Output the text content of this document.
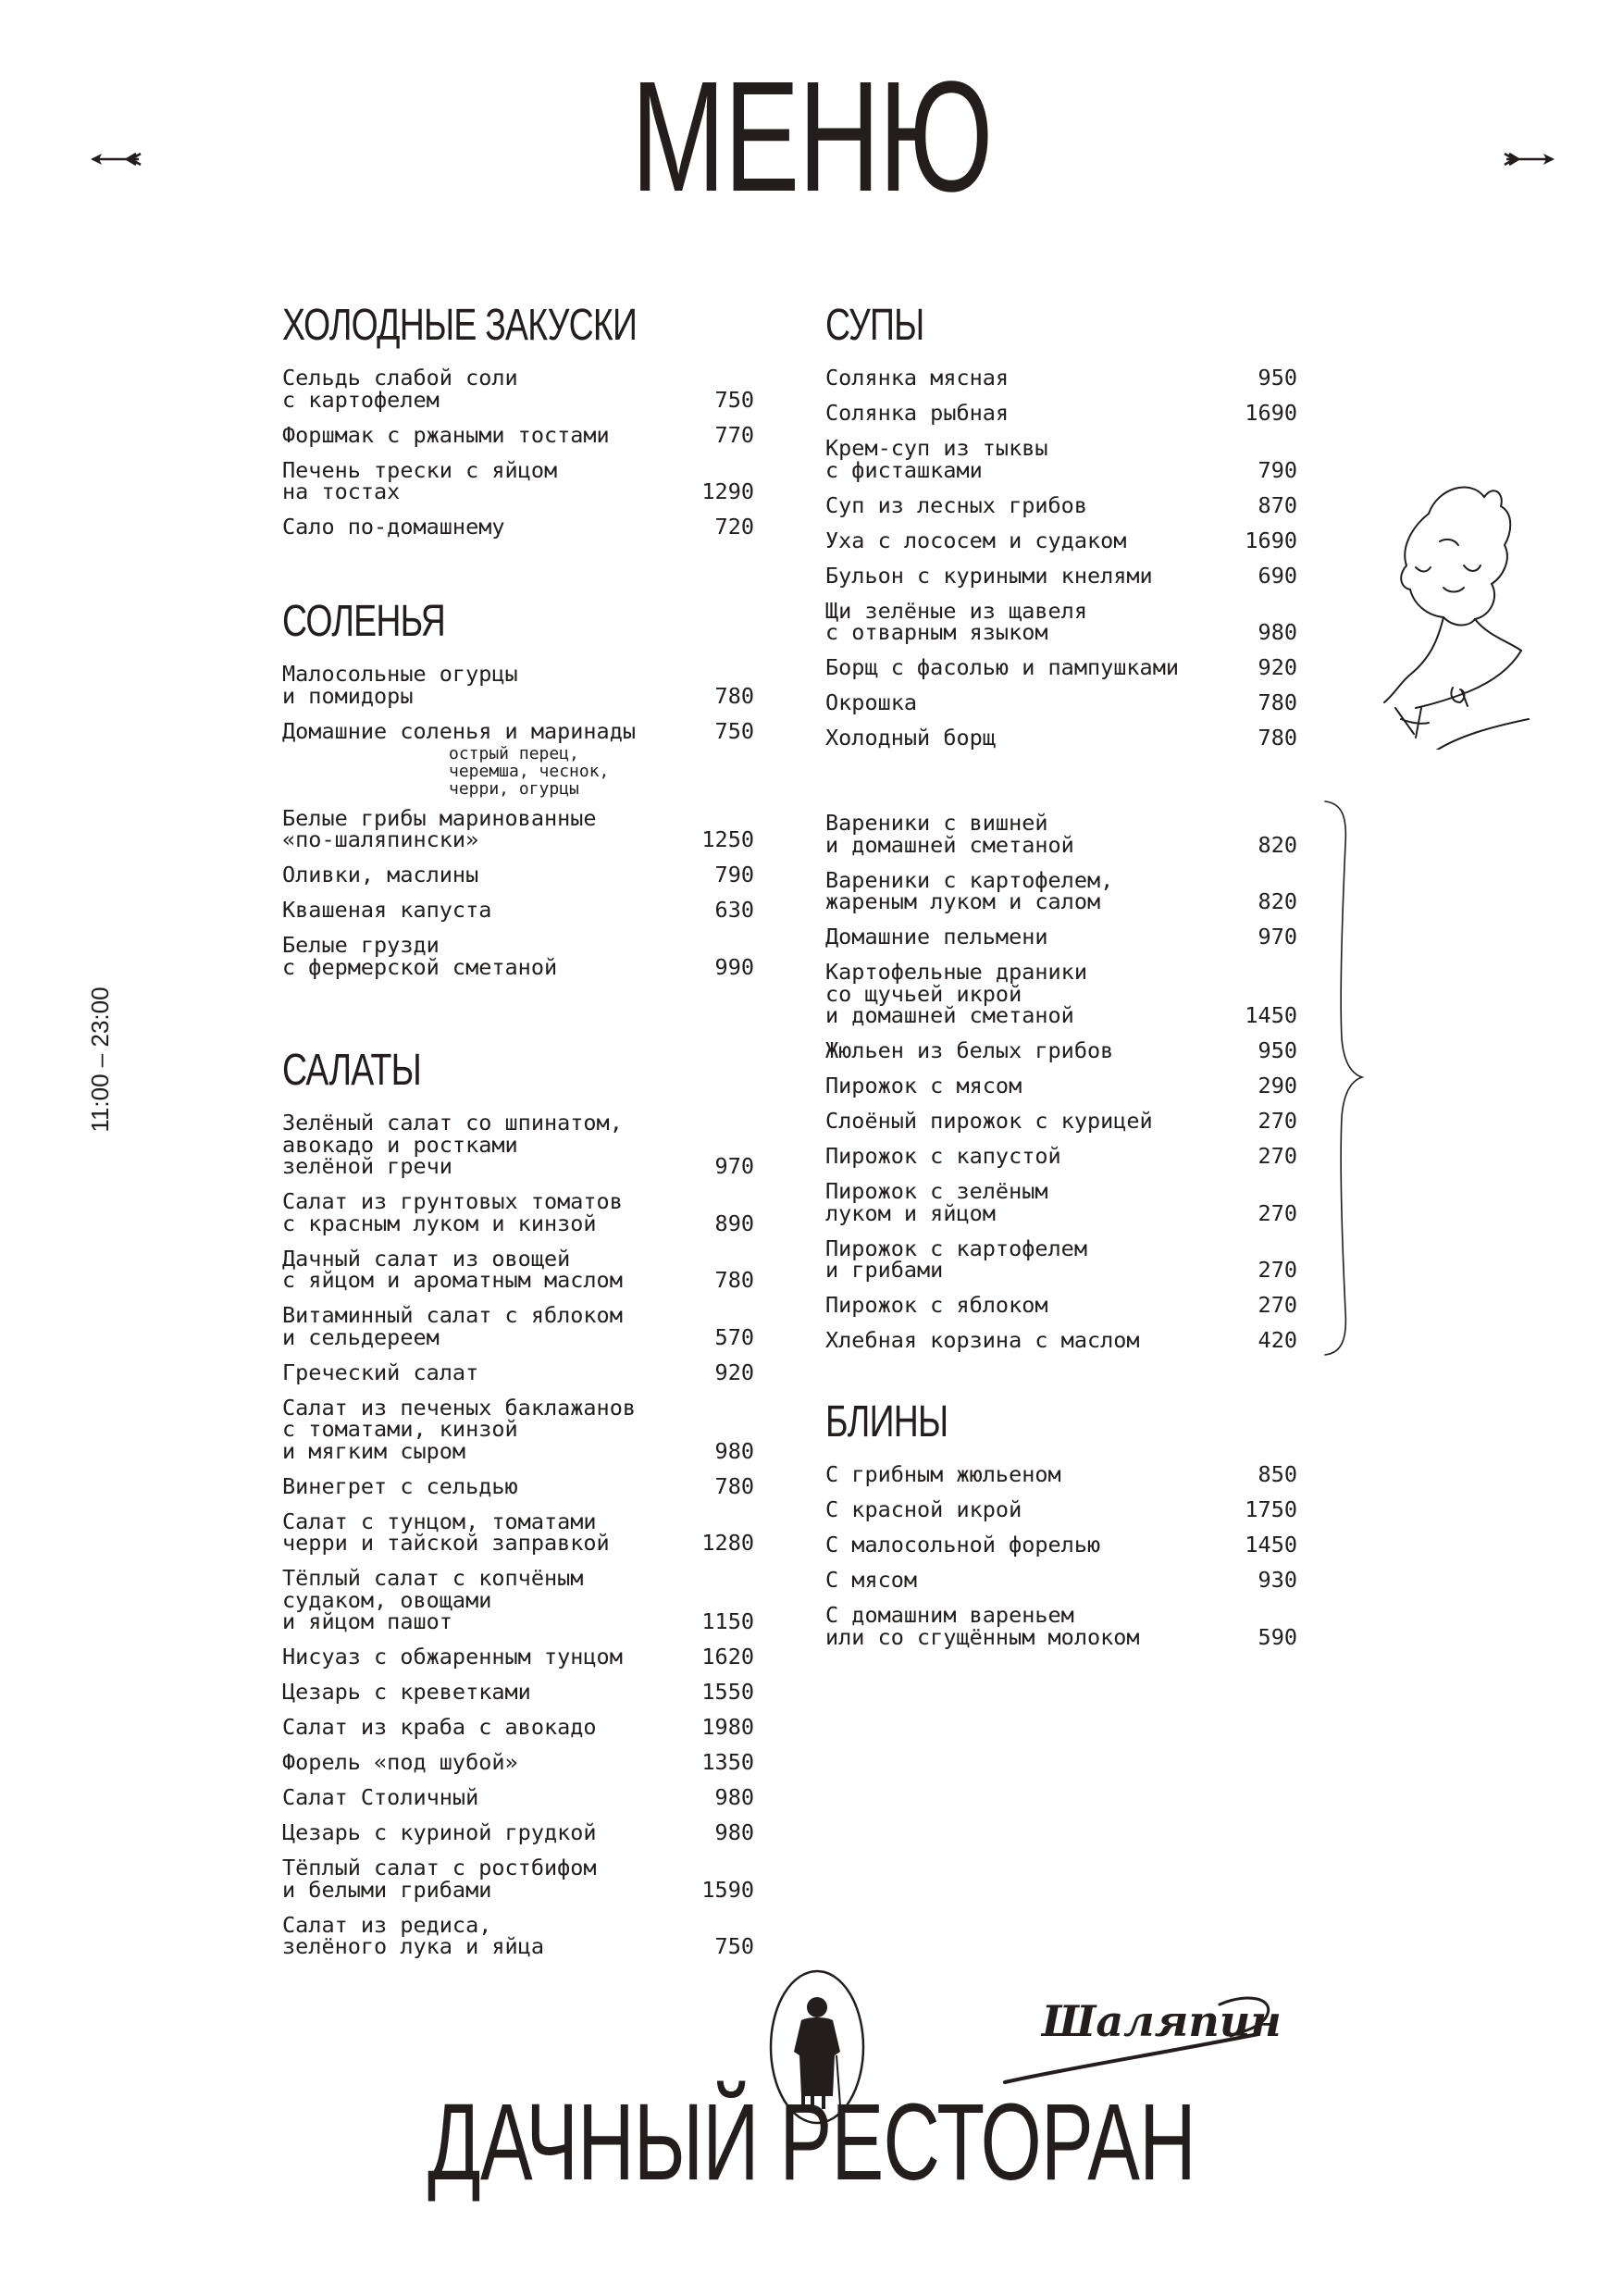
МЕНЮ
11:00 – 23:00
ХОЛОДНЫЕ ЗАКУСКИ
Сельдь слабой соли
с картофелем	750
Форшмак с ржаными тостами	770
Печень трески с яйцом
на тостах	1290
Сало по-домашнему	720
СОЛЕНЬЯ
Малосольные огурцы
и помидоры	780
Домашние соленья и маринады	750
острый перец,
черемша, чеснок,
черри, огурцы
Белые грибы маринованные
«по-шаляпински»	1250
Оливки, маслины	790
Квашеная капуста	630
Белые грузди
с фермерской сметаной	990
САЛАТЫ
Зелёный салат со шпинатом,
авокадо и ростками
зелёной гречи	970
Салат из грунтовых томатов
с красным луком и кинзой	890
Дачный салат из овощей
с яйцом и ароматным маслом	780
Витаминный салат с яблоком
и сельдереем	570
Греческий салат	920
Салат из печеных баклажанов
с томатами, кинзой
и мягким сыром	980
Винегрет с сельдью	780
Салат с тунцом, томатами
черри и тайской заправкой	1280
Тёплый салат с копчёным
судаком, овощами
и яйцом пашот	1150
Нисуаз с обжаренным тунцом	1620
Цезарь с креветками	1550
Салат из краба с авокадо	1980
Форель «под шубой»	1350
Салат Столичный	980
Цезарь с куриной грудкой	980
Тёплый салат с ростбифом
и белыми грибами	1590
Салат из редиса,
зелёного лука и яйца	750
СУПЫ
Солянка мясная	950
Солянка рыбная	1690
Крем-суп из тыквы
с фисташками	790
Суп из лесных грибов	870
Уха с лососем и судаком	1690
Бульон с куриными кнелями	690
Щи зелёные из щавеля
с отварным языком	980
Борщ с фасолью и пампушками	920
Окрошка	780
Холодный борщ	780
Вареники с вишней
и домашней сметаной	820
Вареники с картофелем,
жареным луком и салом	820
Домашние пельмени	970
Картофельные драники
со щучьей икрой
и домашней сметаной	1450
Жюльен из белых грибов	950
Пирожок с мясом	290
Слоёный пирожок с курицей	270
Пирожок с капустой	270
Пирожок с зелёным
луком и яйцом	270
Пирожок с картофелем
и грибами	270
Пирожок с яблоком	270
Хлебная корзина с маслом	420
БЛИНЫ
С грибным жюльеном	850
С красной икрой	1750
С малосольной форелью	1450
С мясом	930
С домашним вареньем
или со сгущённым молоком	590
Шаляпин
ДАЧНЫЙ РЕСТОРАН
